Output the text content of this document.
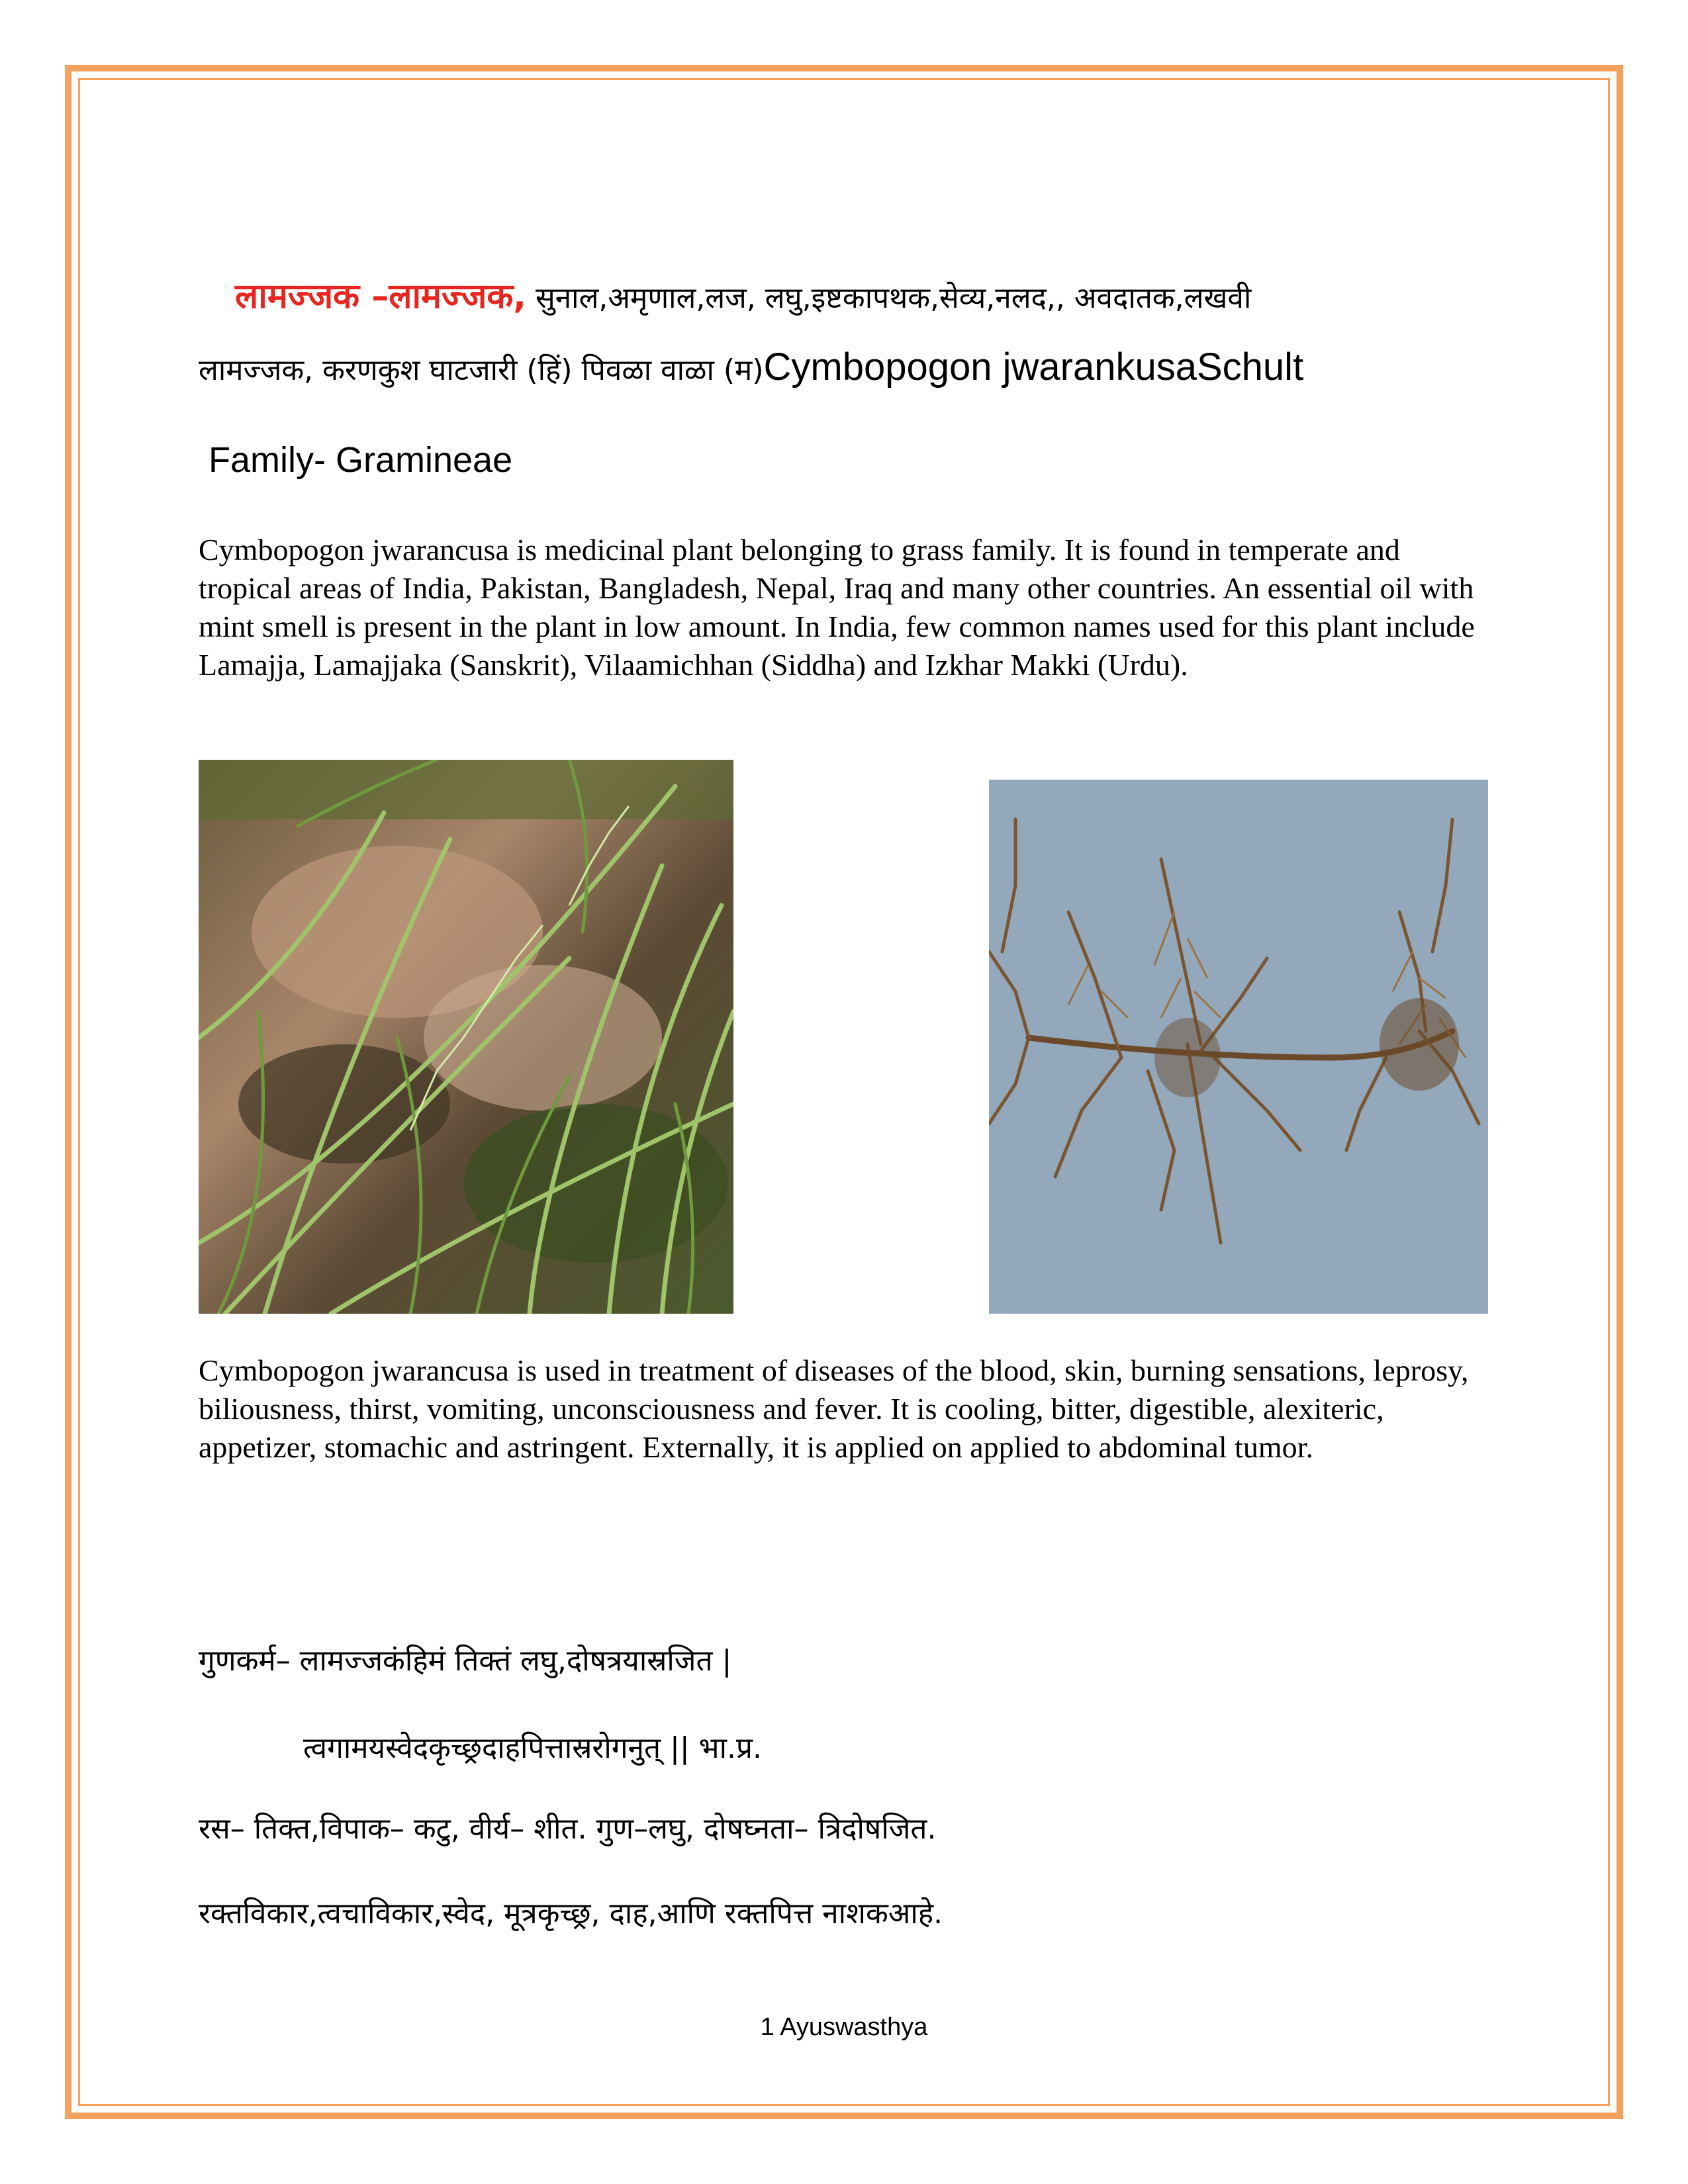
लामज्जक –लामज्जक, सुनाल,अमृणाल,लज, लघु,इष्टकापथक,सेव्य,नलद,, अवदातक,लखवी
लामज्जक, करणकुश घाटजारी (हिं) पिवळा वाळा (म)Cymbopogon jwarankusaSchult
Family- Gramineae
Cymbopogon jwarancusa is medicinal plant belonging to grass family. It is found in temperate and tropical areas of India, Pakistan, Bangladesh, Nepal, Iraq and many other countries. An essential oil with mint smell is present in the plant in low amount. In India, few common names used for this plant include Lamajja, Lamajjaka (Sanskrit), Vilaamichhan (Siddha) and Izkhar Makki (Urdu).
Cymbopogon jwarancusa is used in treatment of diseases of the blood, skin, burning sensations, leprosy, biliousness, thirst, vomiting, unconsciousness and fever. It is cooling, bitter, digestible, alexiteric, appetizer, stomachic and astringent. Externally, it is applied on applied to abdominal tumor.
गुणकर्म– लामज्जकंहिमं तिक्तं लघु,दोषत्रयास्रजित |
त्वगामयस्वेदकृच्छ्रदाहपित्तास्ररोगनुत् || भा.प्र.
रस– तिक्त,विपाक– कटु, वीर्य– शीत. गुण–लघु, दोषघ्नता– त्रिदोषजित.
रक्तविकार,त्वचाविकार,स्वेद, मूत्रकृच्छ्र, दाह,आणि रक्तपित्त नाशकआहे.
1 Ayuswasthya
